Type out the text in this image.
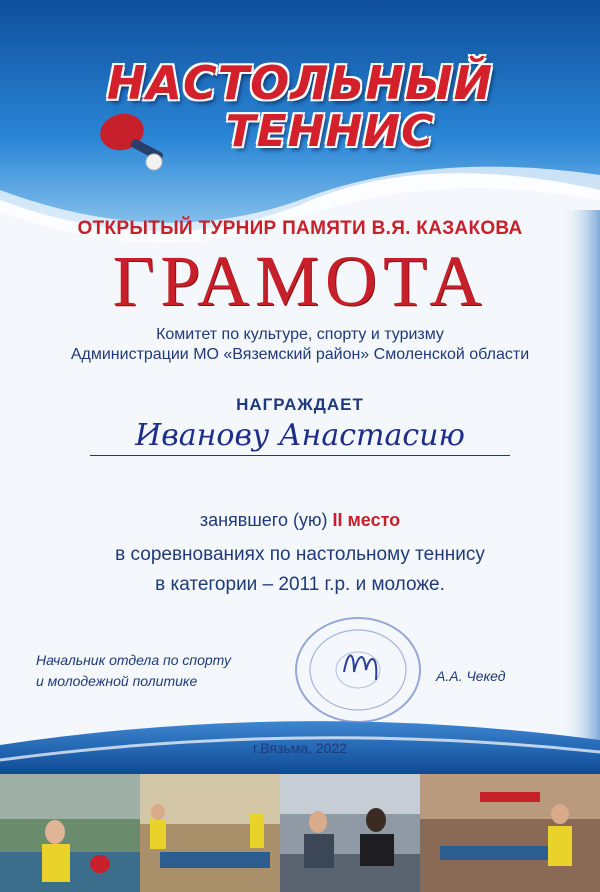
НАСТОЛЬНЫЙ
ТЕННИС
ОТКРЫТЫЙ ТУРНИР ПАМЯТИ В.Я. КАЗАКОВА
ГРАМОТА
Комитет по культуре, спорту и туризму
Администрации МО «Вяземский район» Смоленской области
НАГРАЖДАЕТ
Иванову Анастасию
занявшего (ую) II место
в соревнованиях по настольному теннису
в категории – 2011 г.р. и моложе.
Начальник отдела по спорту
и молодежной политике	А.А. Чекед
г.Вязьма, 2022
